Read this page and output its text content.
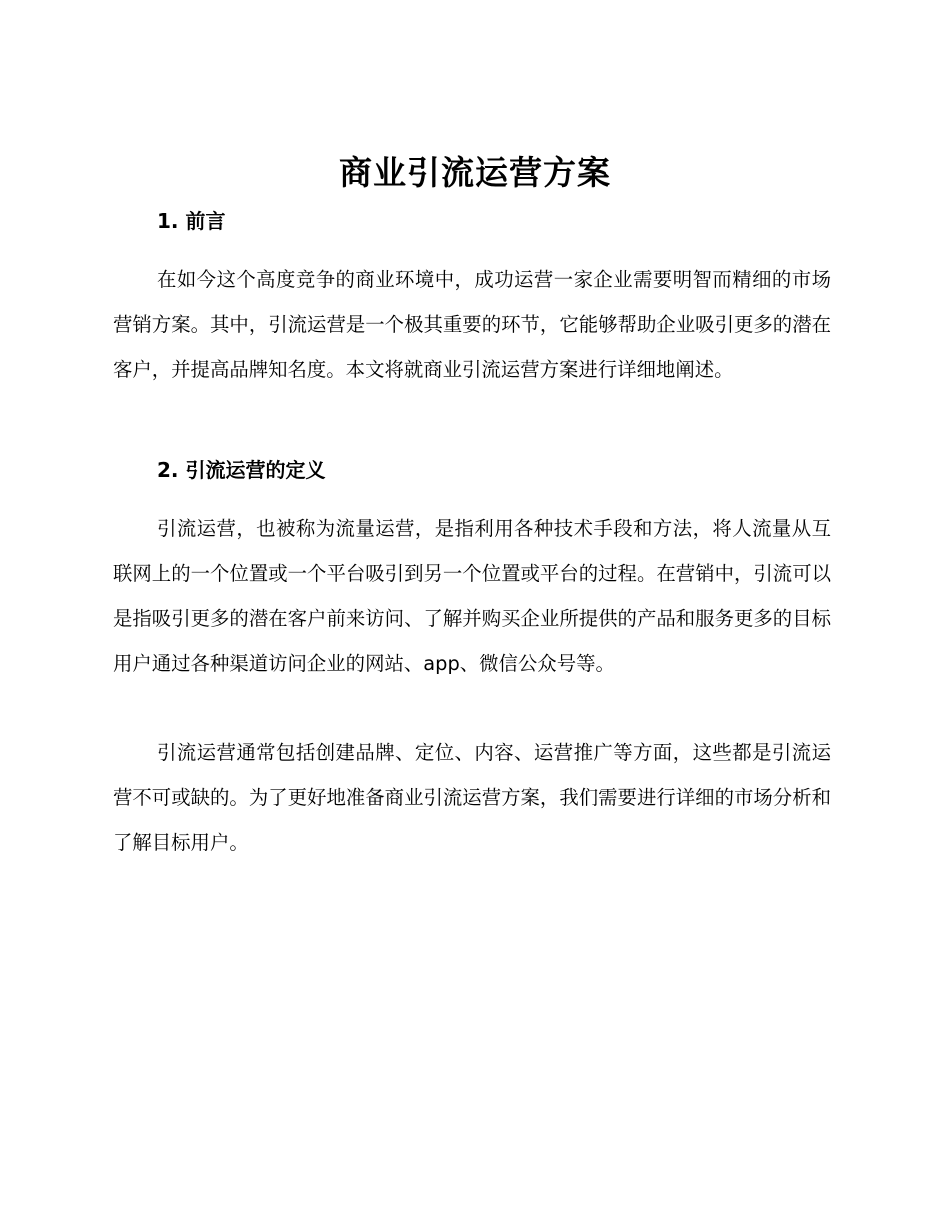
商业引流运营方案
1. 前言

在如今这个高度竞争的商业环境中，成功运营一家企业需要明智而精细的市场营销方案。其中，引流运营是一个极其重要的环节，它能够帮助企业吸引更多的潜在客户，并提高品牌知名度。本文将就商业引流运营方案进行详细地阐述。

2. 引流运营的定义

引流运营，也被称为流量运营，是指利用各种技术手段和方法，将人流量从互联网上的一个位置或一个平台吸引到另一个位置或平台的过程。在营销中，引流可以是指吸引更多的潜在客户前来访问、了解并购买企业所提供的产品和服务更多的目标用户通过各种渠道访问企业的网站、app、微信公众号等。

引流运营通常包括创建品牌、定位、内容、运营推广等方面，这些都是引流运营不可或缺的。为了更好地准备商业引流运营方案，我们需要进行详细的市场分析和了解目标用户。
